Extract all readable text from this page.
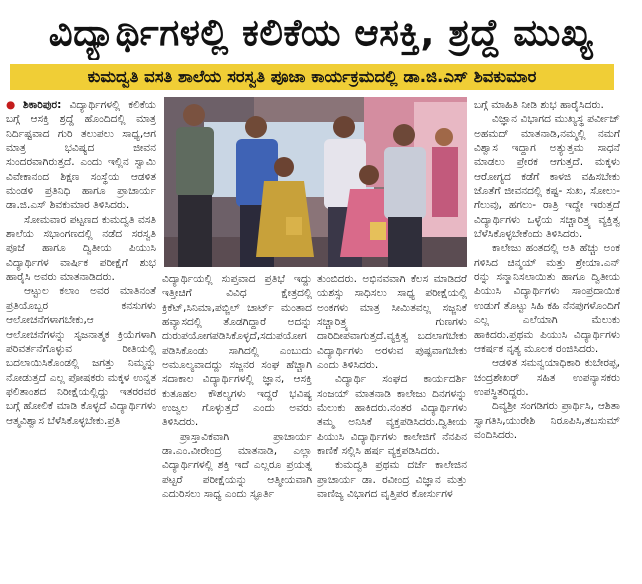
ವಿದ್ಯಾರ್ಥಿಗಳಲ್ಲಿ ಕಲಿಕೆಯ ಆಸಕ್ತಿ, ಶ್ರದ್ದೆ ಮುಖ್ಯ
ಕುಮದ್ವತಿ ವಸತಿ ಶಾಲೆಯ ಸರಸ್ವತಿ ಪೂಜಾ ಕಾರ್ಯಕ್ರಮದಲ್ಲಿ ಡಾ.ಜಿ.ಎಸ್ ಶಿವಕುಮಾರ

● ಶಿಕಾರಿಪುರ: ವಿದ್ಯಾರ್ಥಿಗಳಲ್ಲಿ ಕಲಿಕೆಯ ಬಗ್ಗೆ ಆಸಕ್ತಿ ಶ್ರದ್ದೆ ಹೊಂದಿದಲ್ಲಿ ಮಾತ್ರ ನಿರ್ದಿಷ್ಟವಾದ ಗುರಿ ತಲುಪಲು ಸಾಧ್ಯ,ಆಗ ಮಾತ್ರ ಭವಿಷ್ಯದ ಜೀವನ ಸುಂದರವಾಗಿರುತ್ತದೆ. ಎಂದು ಇಲ್ಲಿನ ಸ್ವಾಮಿ ವಿವೇಕಾನಂದ ಶಿಕ್ಷಣ ಸಂಸ್ಥೆಯ ಆಡಳಿತ ಮಂಡಳಿ ಪ್ರತಿನಿಧಿ ಹಾಗೂ ಪ್ರಾಚಾರ್ಯ ಡಾ.ಜಿ.ಎಸ್ ಶಿವಕುಮಾರ ತಿಳಿಸಿದರು.

ಸೋಮವಾರ ಪಟ್ಟಣದ ಕುಮದ್ವತಿ ವಸತಿ ಶಾಲೆಯ ಸಭಾಂಗಣದಲ್ಲಿ ನಡೆದ ಸರಸ್ವತಿ ಪೂಜೆ ಹಾಗೂ ದ್ವಿತೀಯ ಪಿಯುಸಿ ವಿದ್ಯಾರ್ಥಿಗಳ ವಾರ್ಷಿಕ ಪರೀಕ್ಷೆಗೆ ಶುಭ ಹಾರೈಸಿ ಅವರು ಮಾತನಾಡಿದರು.

ಆಟ್ಟುಲ ಕಲಾಂ ಅವರ ಮಾತಿನಂತೆ ಪ್ರತಿಯೊಬ್ಬರ ಕನಸುಗಳು ಆಲೋಚನೆಗಳಾಗಬೇಕು,ಆ ಆಲೋಚನೆಗಳನ್ನು ಸೃಜನಾತ್ಮಕ ಕ್ರಿಯೆಗಳಾಗಿ ಪರಿವರ್ತನೆಗೊಳ್ಳುವ ರೀತಿಯಲ್ಲಿ ಬದಲಾಯಿಸಿಕೊಂಡಲ್ಲಿ ಜಗತ್ತು ನಿಮ್ಮನ್ನು ನೋಡುತ್ತದೆ ಎಲ್ಲ ಪೋಷಕರು ಮಕ್ಕಳ ಉನ್ನತ ಫಲಿತಾಂಶದ ನಿರೀಕ್ಷೆಯಲ್ಲಿದ್ದು ಇತರರವರ ಬಗ್ಗೆ ಹೋಲಿಕೆ ಮಾಡಿ ಕೊಳ್ಳದೆ ವಿದ್ಯಾರ್ಥಿಗಳು ಆತ್ಮವಿಶ್ವಾಸ ಬೆಳೆಸಿಕೊಳ್ಳಬೇಕು.ಪ್ರತಿ

ವಿದ್ಯಾರ್ಥಿಯಲ್ಲಿ ಸುಪ್ತವಾದ ಪ್ರತಿಭೆ ಇದ್ದು ಇತ್ತೀಚಿಗೆ ವಿವಿಧ ಕ್ಷೇತ್ರದಲ್ಲಿ ಕ್ರಿಕೆಟ್,ಸಿನಿಮಾ,ಪಬ್ಜಿಲ್ ಚಾರ್ಟ್ ಮಂತಾದ ಹವ್ಯಾಸದಲ್ಲಿ ತೊಡಗಿದ್ದಾರೆ ಅದನ್ನು ದುರುಪಯೋಗಪಡಿಸಿಕೊಳ್ಳದೆ,ಸದುಪಯೋಗ ಪಡಿಸಿಕೊಂಡು ಸಾಗಿದಲ್ಲಿ ಎಂಬುದು ಅಮೂಲ್ಯವಾದದ್ದು ಸಜ್ಜನರ ಸಂಘ ಹೆಚ್ಚಾಗಿ ಸದಾಕಾಲ ವಿದ್ಯಾರ್ಥಿಗಳಲ್ಲಿ ಜ್ಞಾನ, ಆಸಕ್ತಿ ಕುತೂಹಲ ಕೌಶಲ್ಯಗಳು ಇದ್ದರೆ ಭವಿಷ್ಯ ಉಜ್ವಲ ಗೊಳ್ಳುತ್ತದೆ ಎಂದು ಅವರು ತಿಳಿಸಿದರು.

ಪ್ರಾಸ್ತಾವಿಕವಾಗಿ ಪ್ರಾಚಾರ್ಯ ಡಾ.ಎಂ.ವೀರೇಂದ್ರ ಮಾತನಾಡಿ, ಎಲ್ಲಾ ವಿದ್ಯಾರ್ಥಿಗಳಲ್ಲಿ ಶಕ್ತಿ ಇದೆ ಎಲ್ಲರೂ ಪ್ರಯತ್ನ ಪಟ್ಟರೆ ಪರೀಕ್ಷೆಯನ್ನು ಆತ್ಮೀಯವಾಗಿ ಎದುರಿಸಲು ಸಾಧ್ಯ ಎಂದು ಸ್ಫೂರ್ತಿ

ತುಂಬಿದರು. ಅಭಿನವವಾಗಿ ಕೆಲಸ ಮಾಡಿದರೆ ಯಶಸ್ಸು ಸಾಧಿಸಲು ಸಾಧ್ಯ ಪರೀಕ್ಷೆಯಲ್ಲಿ ಅಂಕಗಳು ಮಾತ್ರ ಸೀಮಿತವಲ್ಲ ಸಜ್ಜನಿಕೆ ಸಚ್ಚಾರಿತ್ರ್ಯ ಗುಣಗಳು ದಾರಿದೀಪವಾಗುತ್ತದೆ.ವ್ಯಕ್ತಿತ್ವ ಬದಲಾಗಬೇಕು ವಿದ್ಯಾರ್ಥಿಗಳು ಅರಳುವ ಪುಷ್ಪವಾಗಬೇಕು ಎಂದು ತಿಳಿಸಿದರು.

ವಿದ್ಯಾರ್ಥಿ ಸಂಘದ ಕಾರ್ಯದರ್ಶಿ ಸಂಜಯ್ ಮಾತನಾಡಿ ಕಾಲೇಜು ದಿನಗಳನ್ನು ಮೆಲುಕು ಹಾಕಿದರು.ನಂತರ ವಿದ್ಯಾರ್ಥಿಗಳು ತಮ್ಮ ಅನಿಸಿಕೆ ವ್ಯಕ್ತಪಡಿಸಿದರು.ದ್ವಿತೀಯ ಪಿಯುಸಿ ವಿದ್ಯಾರ್ಥಿಗಳು ಕಾಲೇಜಿಗೆ ನೆನಪಿನ ಕಾಣಿಕೆ ಸಲ್ಲಿಸಿ ಹರ್ಷ ವ್ಯಕ್ತಪಡಿಸಿದರು.

ಕುಮದ್ವತಿ ಪ್ರಥಮ ದರ್ಜೆ ಕಾಲೇಜಿನ ಪ್ರಾಚಾರ್ಯ ಡಾ. ರವೀಂದ್ರ ವಿಜ್ಞಾನ ಮತ್ತು ವಾಣಿಜ್ಯ ವಿಭಾಗದ ವೃತ್ತಿಪರ ಕೋರ್ಸುಗಳ

ಬಗ್ಗೆ ಮಾಹಿತಿ ನೀಡಿ ಶುಭ ಹಾರೈಸಿದರು.

ವಿಜ್ಞಾನ ವಿಭಾಗದ ಮುಖ್ಯಸ್ಥ ಪರ್ವೀಜ್ ಅಹಮದ್ ಮಾತನಾಡಿ,ನಮ್ಮಲ್ಲಿ ನಮಗೆ ವಿಶ್ವಾಸ ಇದ್ದಾಗ ಅತ್ಯುತ್ತಮ ಸಾಧನೆ ಮಾಡಲು ಪ್ರೇರಕ ಆಗುತ್ತದೆ. ಮಕ್ಕಳು ಆರೋಗ್ಯದ ಕಡೆಗೆ ಕಾಳಜಿ ವಹಿಸಬೇಕು ಜೊತೆಗೆ ಜೀವನದಲ್ಲಿ ಕಷ್ಟ- ಸುಖ, ಸೋಲು- ಗೆಲುವು, ಹಗಲು- ರಾತ್ರಿ ಇದ್ದೇ ಇರುತ್ತದೆ ವಿದ್ಯಾರ್ಥಿಗಳು ಒಳ್ಳೆಯ ಸಚ್ಚಾರಿತ್ರ್ಯ ವ್ಯಕ್ತಿತ್ವ ಬೆಳೆಸಿಕೊಳ್ಳಬೇಕೆಂದು ತಿಳಿಸಿದರು.

ಕಾಲೇಜು ಹಂತದಲ್ಲಿ ಅತಿ ಹೆಚ್ಚು ಅಂಕ ಗಳಿಸಿದ ಚಿನ್ಮಯ್ ಮತ್ತು ಶ್ರೇಯಾ.ಎನ್ ರನ್ನು ಸನ್ಮಾನಿಸಲಾಯಿತು ಹಾಗೂ ದ್ವಿತೀಯ ಪಿಯುಸಿ ವಿದ್ಯಾರ್ಥಿಗಳು ಸಾಂಪ್ರದಾಯಿಕ ಉಡುಗೆ ತೊಟ್ಟು ಸಿಹಿ ಕಹಿ ನೆನಪುಗಳೊಂದಿಗೆ ಎಲ್ಲ ಎಲೆಯಾಗಿ ಮೆಲುಕು ಹಾಕಿದರು.ಪ್ರಥಮ ಪಿಯುಸಿ ವಿದ್ಯಾರ್ಥಿಗಳು ಆಕರ್ಷಕ ನೃತ್ಯ ಮೂಲಕ ರಂಜಿಸಿದರು.

ಆಡಳಿತ ಸಮನ್ವಯಾಧಿಕಾರಿ ಕುಬೇರಪ್ಪ, ಚಂದ್ರಶೇಖರ್ ಸಹಿತ ಉಪನ್ಯಾಸಕರು ಉಪಸ್ಥಿತರಿದ್ದರು.

ದಿವ್ಯಶ್ರೀ ಸಂಗಡಿಗರು ಪ್ರಾರ್ಥಿಸಿ, ಆಶಿತಾ ಸ್ವಾಗತಿಸಿ,ಯುರೇಶಿ ನಿರೂಪಿಸಿ,ತಬಸುಮ್ ವಂದಿಸಿದರು.
